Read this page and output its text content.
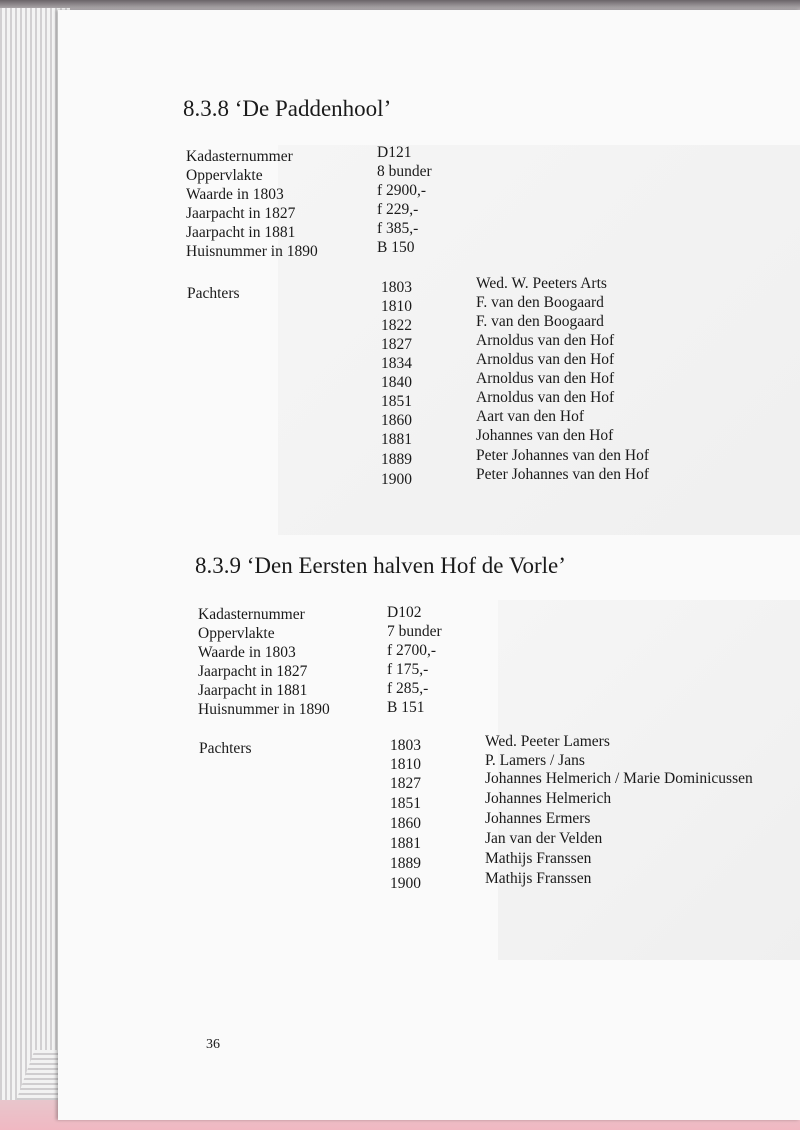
8.3.8 ‘De Paddenhool’
Kadasternummer	D121
Oppervlakte	8 bunder
Waarde in 1803	f 2900,-
Jaarpacht in 1827	f 229,-
Jaarpacht in 1881	f 385,-
Huisnummer in 1890	B 150
Pachters	1803	Wed. W. Peeters Arts
1810	F. van den Boogaard
1822	F. van den Boogaard
1827	Arnoldus van den Hof
1834	Arnoldus van den Hof
1840	Arnoldus van den Hof
1851	Arnoldus van den Hof
1860	Aart van den Hof
1881	Johannes van den Hof
1889	Peter Johannes van den Hof
1900	Peter Johannes van den Hof
8.3.9 ‘Den Eersten halven Hof de Vorle’
Kadasternummer	D102
Oppervlakte	7 bunder
Waarde in 1803	f 2700,-
Jaarpacht in 1827	f 175,-
Jaarpacht in 1881	f 285,-
Huisnummer in 1890	B 151
Pachters	1803	Wed. Peeter Lamers
1810	P. Lamers / Jans
1827	Johannes Helmerich / Marie Dominicussen
1851	Johannes Helmerich
1860	Johannes Ermers
1881	Jan van der Velden
1889	Mathijs Franssen
1900	Mathijs Franssen
36
